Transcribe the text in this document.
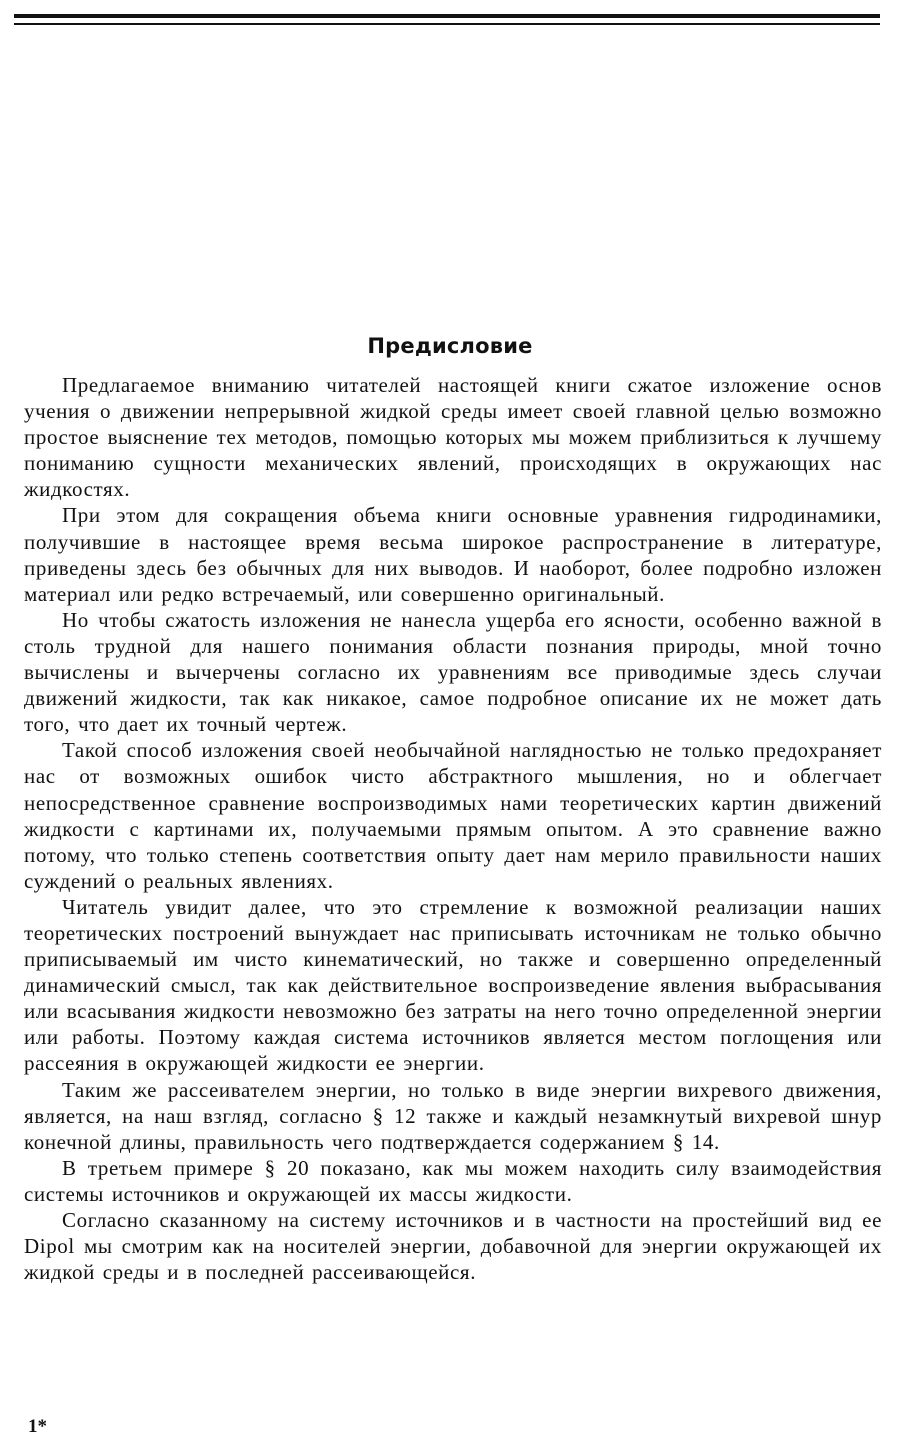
Предисловие

Предлагаемое вниманию читателей настоящей книги сжатое изложение основ учения о движении непрерывной жидкой среды имеет своей главной целью возможно простое выяснение тех методов, помощью которых мы можем приблизиться к лучшему пониманию сущности механических явлений, происходящих в окружающих нас жидкостях.

При этом для сокращения объема книги основные уравнения гидродинамики, получившие в настоящее время весьма широкое распространение в литературе, приведены здесь без обычных для них выводов. И наоборот, более подробно изложен материал или редко встречаемый, или совершенно оригинальный.

Но чтобы сжатость изложения не нанесла ущерба его ясности, особенно важной в столь трудной для нашего понимания области познания природы, мной точно вычислены и вычерчены согласно их уравнениям все приводимые здесь случаи движений жидкости, так как никакое, самое подробное описание их не может дать того, что дает их точный чертеж.

Такой способ изложения своей необычайной наглядностью не только предохраняет нас от возможных ошибок чисто абстрактного мышления, но и облегчает непосредственное сравнение воспроизводимых нами теоретических картин движений жидкости с картинами их, получаемыми прямым опытом. А это сравнение важно потому, что только степень соответствия опыту дает нам мерило правильности наших суждений о реальных явлениях.

Читатель увидит далее, что это стремление к возможной реализации наших теоретических построений вынуждает нас приписывать источникам не только обычно приписываемый им чисто кинематический, но также и совершенно определенный динамический смысл, так как действительное воспроизведение явления выбрасывания или всасывания жидкости невозможно без затраты на него точно определенной энергии или работы. Поэтому каждая система источников является местом поглощения или рассеяния в окружающей жидкости ее энергии.

Таким же рассеивателем энергии, но только в виде энергии вихревого движения, является, на наш взгляд, согласно § 12 также и каждый незамкнутый вихревой шнур конечной длины, правильность чего подтверждается содержанием § 14.

В третьем примере § 20 показано, как мы можем находить силу взаимодействия системы источников и окружающей их массы жидкости.

Согласно сказанному на систему источников и в частности на простейший вид ее Dipol мы смотрим как на носителей энергии, добавочной для энергии окружающей их жидкой среды и в последней рассеивающейся.

1*
